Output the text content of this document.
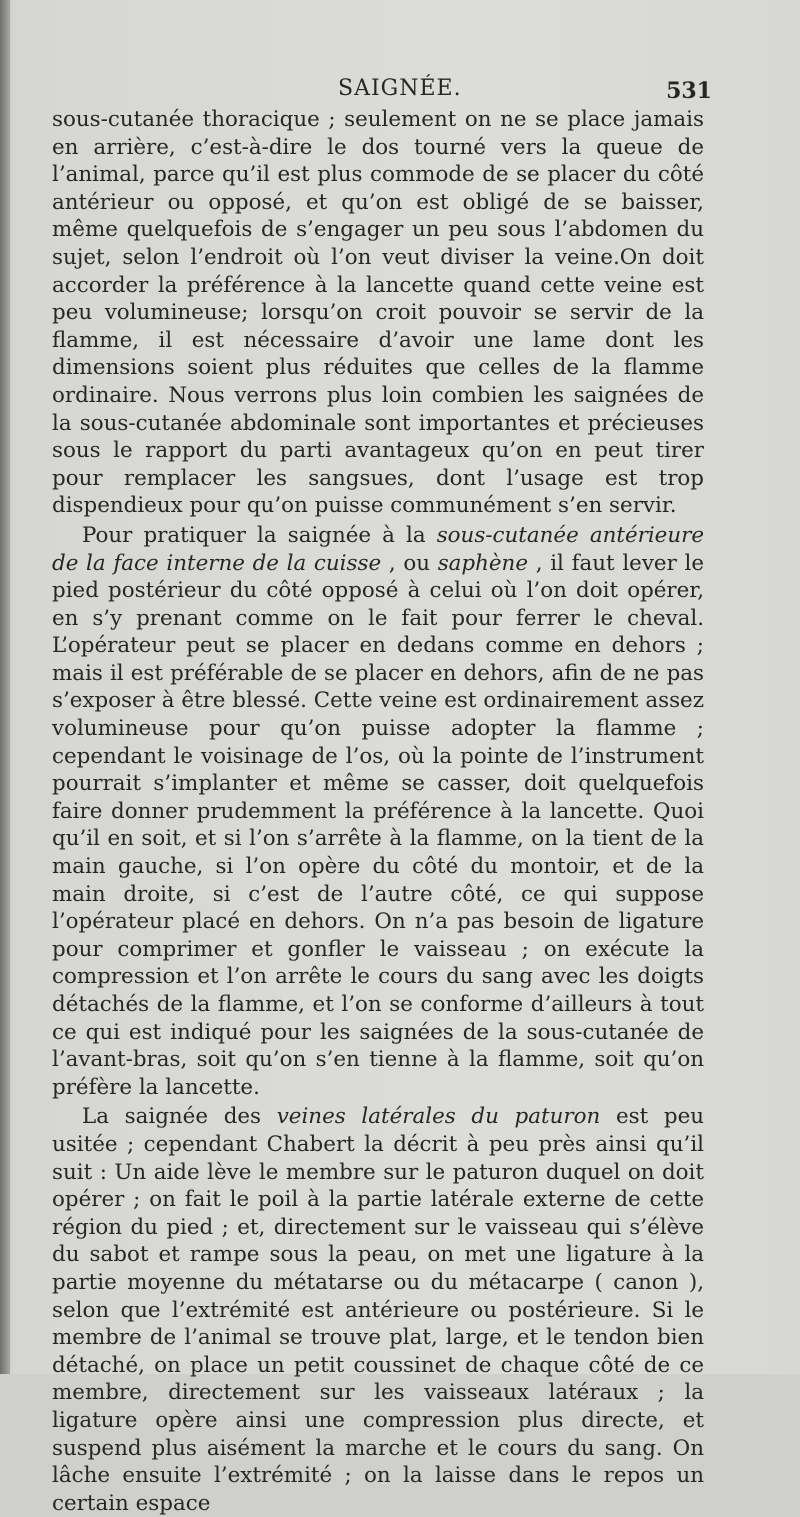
SAIGNÉE.	531

sous-cutanée thoracique ; seulement on ne se place jamais en arrière, c’est-à-dire le dos tourné vers la queue de l’animal, parce qu’il est plus commode de se placer du côté antérieur ou opposé, et qu’on est obligé de se baisser, même quelquefois de s’engager un peu sous l’abdomen du sujet, selon l’endroit où l’on veut diviser la veine.On doit accorder la préférence à la lancette quand cette veine est peu volumineuse; lorsqu’on croit pouvoir se servir de la flamme, il est nécessaire d’avoir une lame dont les dimensions soient plus réduites que celles de la flamme ordinaire. Nous verrons plus loin combien les saignées de la sous-cutanée abdominale sont importantes et précieuses sous le rapport du parti avantageux qu’on en peut tirer pour remplacer les sangsues, dont l’usage est trop dispendieux pour qu’on puisse communément s’en servir.

Pour pratiquer la saignée à la sous-cutanée antérieure de la face interne de la cuisse , ou saphène , il faut lever le pied postérieur du côté opposé à celui où l’on doit opérer, en s’y prenant comme on le fait pour ferrer le cheval. L’opérateur peut se placer en dedans comme en dehors ; mais il est préférable de se placer en dehors, afin de ne pas s’exposer à être blessé. Cette veine est ordinairement assez volumineuse pour qu’on puisse adopter la flamme ; cependant le voisinage de l’os, où la pointe de l’instrument pourrait s’implanter et même se casser, doit quelquefois faire donner prudemment la préférence à la lancette. Quoi qu’il en soit, et si l’on s’arrête à la flamme, on la tient de la main gauche, si l’on opère du côté du montoir, et de la main droite, si c’est de l’autre côté, ce qui suppose l’opérateur placé en dehors. On n’a pas besoin de ligature pour comprimer et gonfler le vaisseau ; on exécute la compression et l’on arrête le cours du sang avec les doigts détachés de la flamme, et l’on se conforme d’ailleurs à tout ce qui est indiqué pour les saignées de la sous-cutanée de l’avant-bras, soit qu’on s’en tienne à la flamme, soit qu’on préfère la lancette.

La saignée des veines latérales du paturon est peu usitée ; cependant Chabert la décrit à peu près ainsi qu’il suit : Un aide lève le membre sur le paturon duquel on doit opérer ; on fait le poil à la partie latérale externe de cette région du pied ; et, directement sur le vaisseau qui s’élève du sabot et rampe sous la peau, on met une ligature à la partie moyenne du métatarse ou du métacarpe ( canon ), selon que l’extrémité est antérieure ou postérieure. Si le membre de l’animal se trouve plat, large, et le tendon bien détaché, on place un petit coussinet de chaque côté de ce membre, directement sur les vaisseaux latéraux ; la ligature opère ainsi une compression plus directe, et suspend plus aisément la marche et le cours du sang. On lâche ensuite l’extrémité ; on la laisse dans le repos un certain espace
